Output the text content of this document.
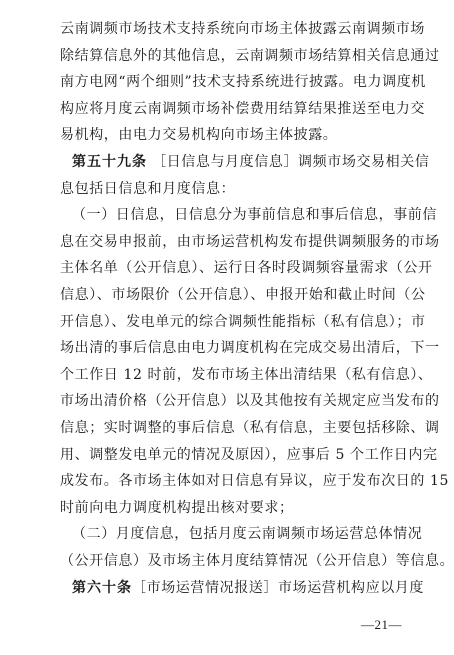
云南调频市场技术支持系统向市场主体披露云南调频市场
除结算信息外的其他信息，云南调频市场结算相关信息通过
南方电网“两个细则”技术支持系统进行披露。电力调度机
构应将月度云南调频市场补偿费用结算结果推送至电力交
易机构，由电力交易机构向市场主体披露。
第五十九条 ［日信息与月度信息］调频市场交易相关信
息包括日信息和月度信息：
（一）日信息，日信息分为事前信息和事后信息，事前信
息在交易申报前，由市场运营机构发布提供调频服务的市场
主体名单（公开信息）、运行日各时段调频容量需求（公开
信息）、市场限价（公开信息）、申报开始和截止时间（公
开信息）、发电单元的综合调频性能指标（私有信息）；市
场出清的事后信息由电力调度机构在完成交易出清后，下一
个工作日 12 时前，发布市场主体出清结果（私有信息）、
市场出清价格（公开信息）以及其他按有关规定应当发布的
信息；实时调整的事后信息（私有信息，主要包括移除、调
用、调整发电单元的情况及原因），应事后 5 个工作日内完
成发布。各市场主体如对日信息有异议，应于发布次日的 15
时前向电力调度机构提出核对要求；
（二）月度信息，包括月度云南调频市场运营总体情况
—21—
（公开信息）及市场主体月度结算情况（公开信息）等信息。
第六十条［市场运营情况报送］市场运营机构应以月度
